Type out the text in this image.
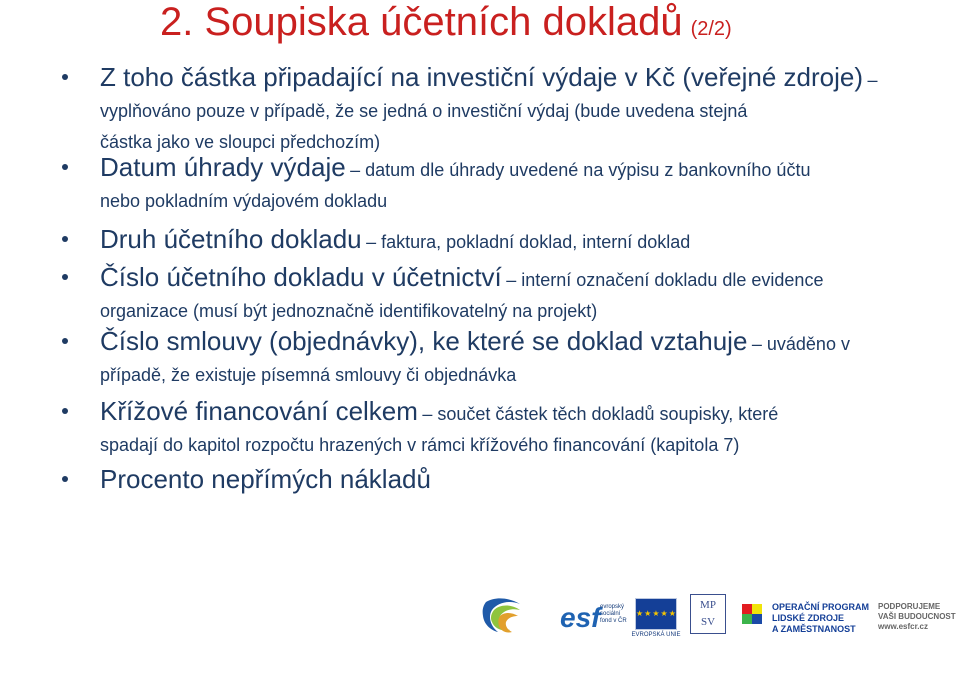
2. Soupiska účetních dokladů (2/2)
Z toho částka připadající na investiční výdaje v Kč (veřejné zdroje) –
vyplňováno pouze v případě, že se jedná o investiční výdaj (bude uvedena stejná
částka jako ve sloupci předchozím)
Datum úhrady výdaje – datum dle úhrady uvedené na výpisu z bankovního účtu
nebo pokladním výdajovém dokladu
Druh účetního dokladu – faktura, pokladní doklad, interní doklad
Číslo účetního dokladu v účetnictví – interní označení dokladu dle evidence
organizace (musí být jednoznačně identifikovatelný na projekt)
Číslo smlouvy (objednávky), ke které se doklad vztahuje – uváděno v
případě, že existuje písemná smlouvy či objednávka
Křížové financování celkem – součet částek těch dokladů soupisky, které
spadají do kapitol rozpočtu hrazených v rámci křížového financování (kapitola 7)
Procento nepřímých nákladů
esf evropský sociální fond v ČR
★★★★★
EVROPSKÁ UNIE
MP
SV
OPERAČNÍ PROGRAM
LIDSKÉ ZDROJE
A ZAMĚSTNANOST
PODPORUJEME
VAŠI BUDOUCNOST
www.esfcr.cz
